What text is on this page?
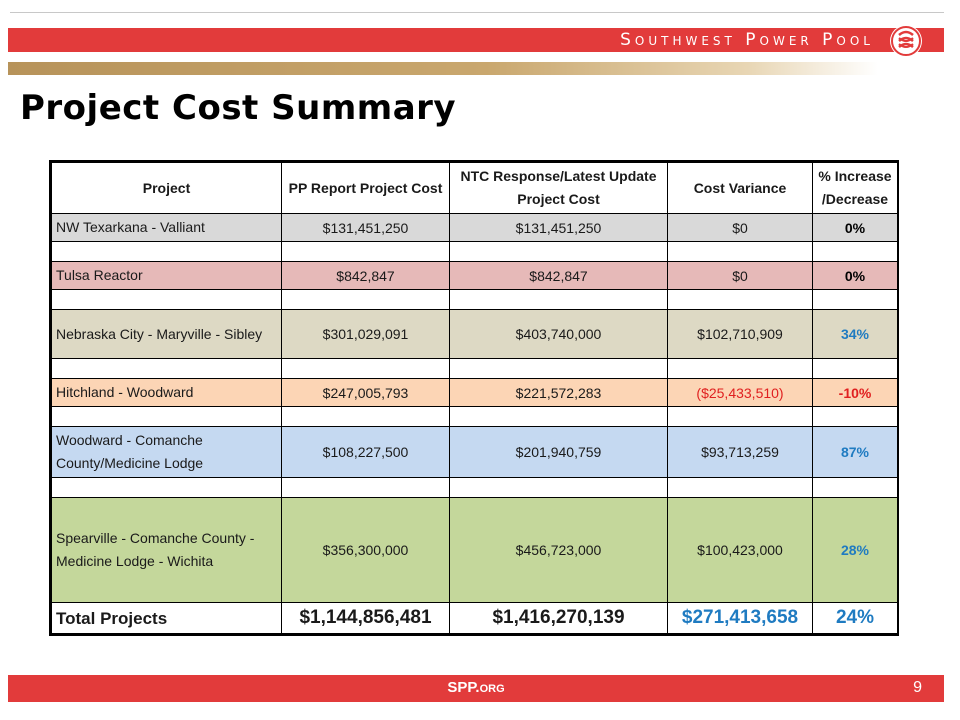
Southwest Power Pool
Project Cost Summary
Project	PP Report Project Cost	NTC Response/Latest Update Project Cost	Cost Variance	% Increase /Decrease
NW Texarkana - Valliant	$131,451,250	$131,451,250	$0	0%

Tulsa Reactor	$842,847	$842,847	$0	0%

Nebraska City - Maryville - Sibley	$301,029,091	$403,740,000	$102,710,909	34%

Hitchland - Woodward	$247,005,793	$221,572,283	($25,433,510)	-10%

Woodward - Comanche County/Medicine Lodge	$108,227,500	$201,940,759	$93,713,259	87%

Spearville - Comanche County - Medicine Lodge - Wichita	$356,300,000	$456,723,000	$100,423,000	28%
Total Projects	$1,144,856,481	$1,416,270,139	$271,413,658	24%
SPP.org	9
